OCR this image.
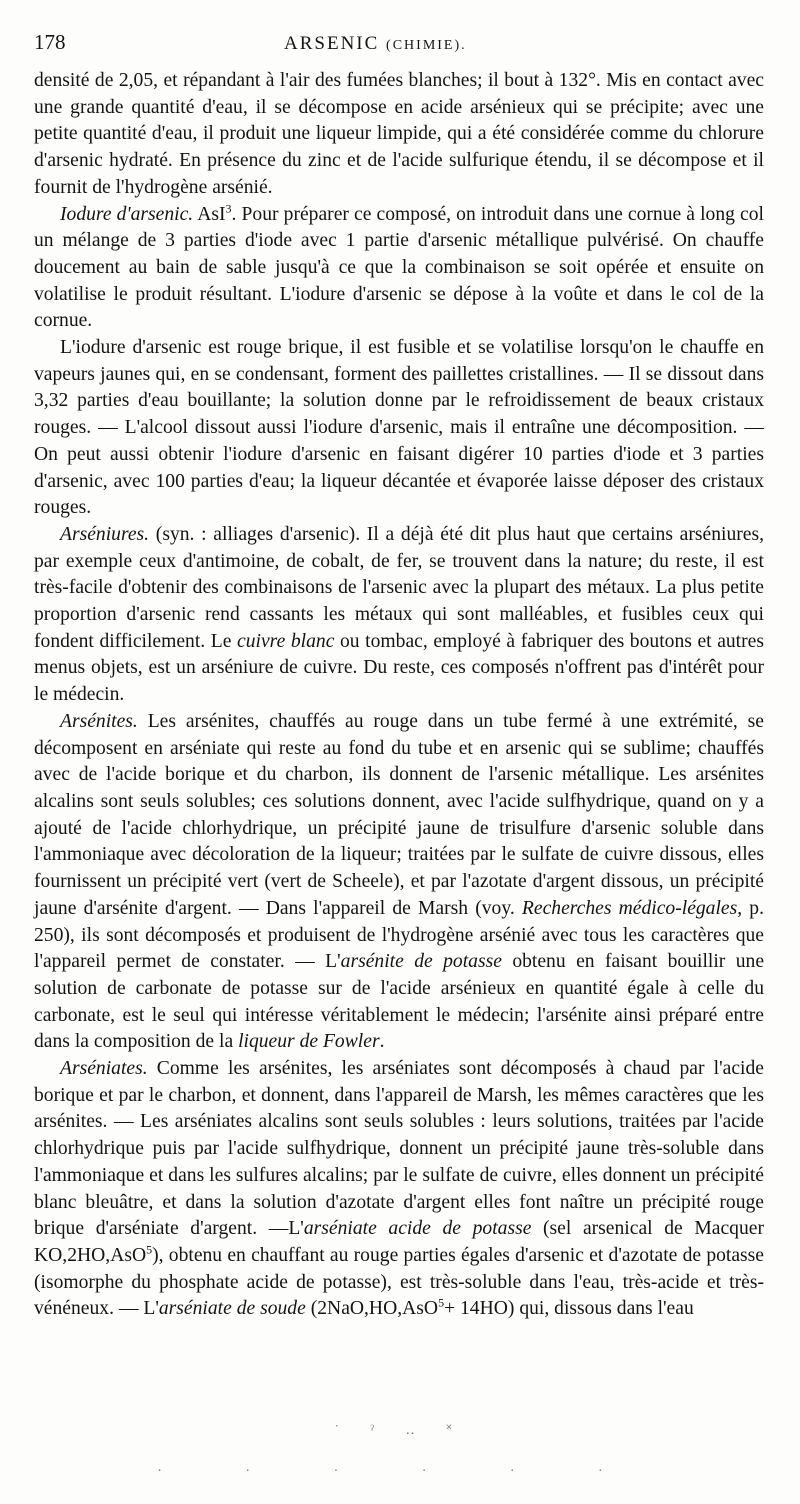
178	ARSENIC (CHIMIE).

densité de 2,05, et répandant à l'air des fumées blanches; il bout à 132°. Mis en contact avec une grande quantité d'eau, il se décompose en acide arsénieux qui se précipite; avec une petite quantité d'eau, il produit une liqueur limpide, qui a été considérée comme du chlorure d'arsenic hydraté. En présence du zinc et de l'acide sulfurique étendu, il se décompose et il fournit de l'hydrogène arsénié.

Iodure d'arsenic. AsI$^3$. Pour préparer ce composé, on introduit dans une cornue à long col un mélange de 3 parties d'iode avec 1 partie d'arsenic métallique pulvérisé. On chauffe doucement au bain de sable jusqu'à ce que la combinaison se soit opérée et ensuite on volatilise le produit résultant. L'iodure d'arsenic se dépose à la voûte et dans le col de la cornue.

L'iodure d'arsenic est rouge brique, il est fusible et se volatilise lorsqu'on le chauffe en vapeurs jaunes qui, en se condensant, forment des paillettes cristallines. — Il se dissout dans 3,32 parties d'eau bouillante; la solution donne par le refroidissement de beaux cristaux rouges. — L'alcool dissout aussi l'iodure d'arsenic, mais il entraîne une décomposition. — On peut aussi obtenir l'iodure d'arsenic en faisant digérer 10 parties d'iode et 3 parties d'arsenic, avec 100 parties d'eau; la liqueur décantée et évaporée laisse déposer des cristaux rouges.

Arséniures. (syn. : alliages d'arsenic). Il a déjà été dit plus haut que certains arséniures, par exemple ceux d'antimoine, de cobalt, de fer, se trouvent dans la nature; du reste, il est très-facile d'obtenir des combinaisons de l'arsenic avec la plupart des métaux. La plus petite proportion d'arsenic rend cassants les métaux qui sont malléables, et fusibles ceux qui fondent difficilement. Le cuivre blanc ou tombac, employé à fabriquer des boutons et autres menus objets, est un arséniure de cuivre. Du reste, ces composés n'offrent pas d'intérêt pour le médecin.

Arsénites. Les arsénites, chauffés au rouge dans un tube fermé à une extrémité, se décomposent en arséniate qui reste au fond du tube et en arsenic qui se sublime; chauffés avec de l'acide borique et du charbon, ils donnent de l'arsenic métallique. Les arsénites alcalins sont seuls solubles; ces solutions donnent, avec l'acide sulfhydrique, quand on y a ajouté de l'acide chlorhydrique, un précipité jaune de trisulfure d'arsenic soluble dans l'ammoniaque avec décoloration de la liqueur; traitées par le sulfate de cuivre dissous, elles fournissent un précipité vert (vert de Scheele), et par l'azotate d'argent dissous, un précipité jaune d'arsénite d'argent. — Dans l'appareil de Marsh (voy. Recherches médico-légales, p. 250), ils sont décomposés et produisent de l'hydrogène arsénié avec tous les caractères que l'appareil permet de constater. — L'arsénite de potasse obtenu en faisant bouillir une solution de carbonate de potasse sur de l'acide arsénieux en quantité égale à celle du carbonate, est le seul qui intéresse véritablement le médecin; l'arsénite ainsi préparé entre dans la composition de la liqueur de Fowler.

Arséniates. Comme les arsénites, les arséniates sont décomposés à chaud par l'acide borique et par le charbon, et donnent, dans l'appareil de Marsh, les mêmes caractères que les arsénites. — Les arséniates alcalins sont seuls solubles : leurs solutions, traitées par l'acide chlorhydrique puis par l'acide sulfhydrique, donnent un précipité jaune très-soluble dans l'ammoniaque et dans les sulfures alcalins; par le sulfate de cuivre, elles donnent un précipité blanc bleuâtre, et dans la solution d'azotate d'argent elles font naître un précipité rouge brique d'arséniate d'argent. —L'arséniate acide de potasse (sel arsenical de Macquer KO,2HO,AsO$^5$), obtenu en chauffant au rouge parties égales d'arsenic et d'azotate de potasse (isomorphe du phosphate acide de potasse), est très-soluble dans l'eau, très-acide et très-vénéneux. — L'arséniate de soude (2NaO,HO,AsO$^5$+ 14HO) qui, dissous dans l'eau

˙ ˀ ‥ ˟
· · · · · ·
